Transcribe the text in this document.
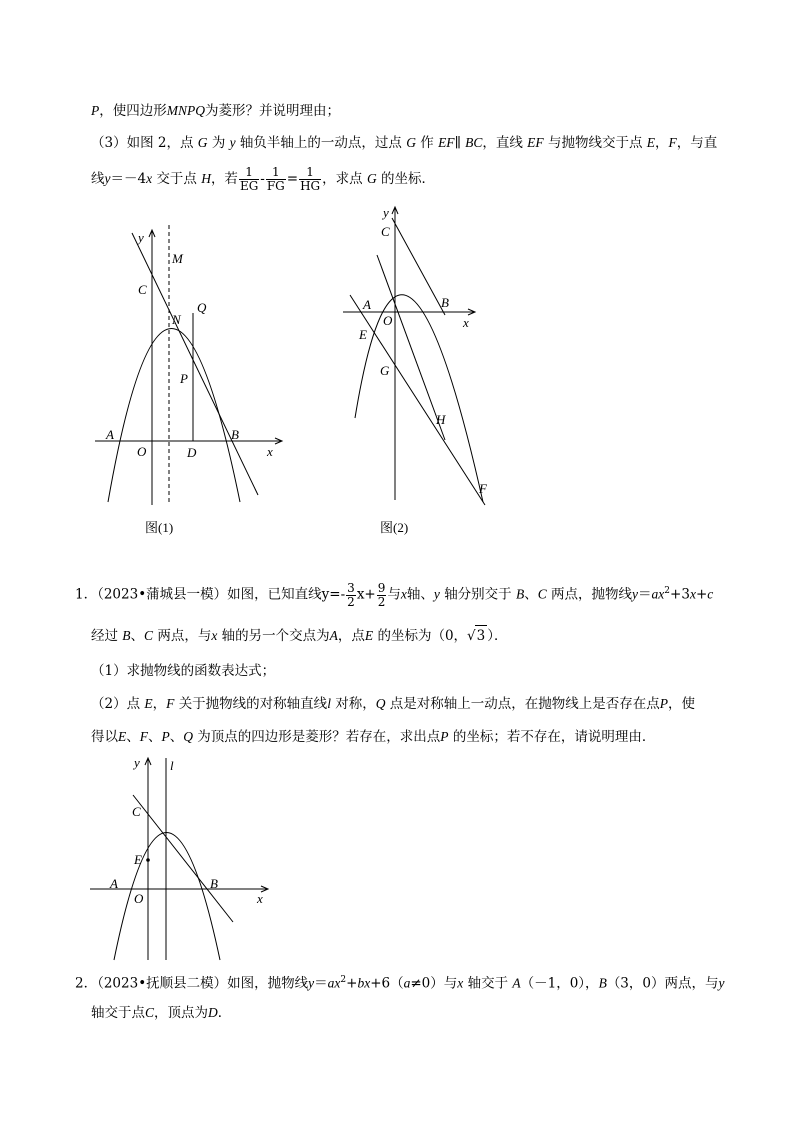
P，使四边形MNPQ为菱形？并说明理由；
（3）如图 2，点 G 为 y 轴负半轴上的一动点，过点 G 作 EF∥ BC，直线 EF 与抛物线交于点 E，F，与直
线y＝－4x 交于点 H，若 $\frac{1}{EG} - \frac{1}{FG} = \frac{1}{HG}$ ，求点 G 的坐标．
y
M
C
N
Q
P
A
O	D
B
x
图(1)
y
C
A	B
O	x
E
G
H
F
图(2)
1．（2023•蒲城县一模）如图，已知直线$y=- \frac{3}{2} x+ \frac{9}{2}$ 与x轴、y 轴分别交于 B、C 两点，抛物线$y=ax^2+3x+c$
经过 B、C 两点，与x 轴的另一个交点为A，点E 的坐标为（0，√3 ）．
（1）求抛物线的函数表达式；
（2）点 E，F 关于抛物线的对称轴直线l 对称，Q 点是对称轴上一动点，在抛物线上是否存在点P，使
得以E、F、P、Q 为顶点的四边形是菱形？若存在，求出点P 的坐标；若不存在，请说明理由．
y l
C
E
A
O
B
x
2．（2023•抚顺县二模）如图，抛物线$y=ax^2+bx+6(a\ne 0)$与x 轴交于 A（－1，0），B（3，0）两点，与y
轴交于点C，顶点为D．
